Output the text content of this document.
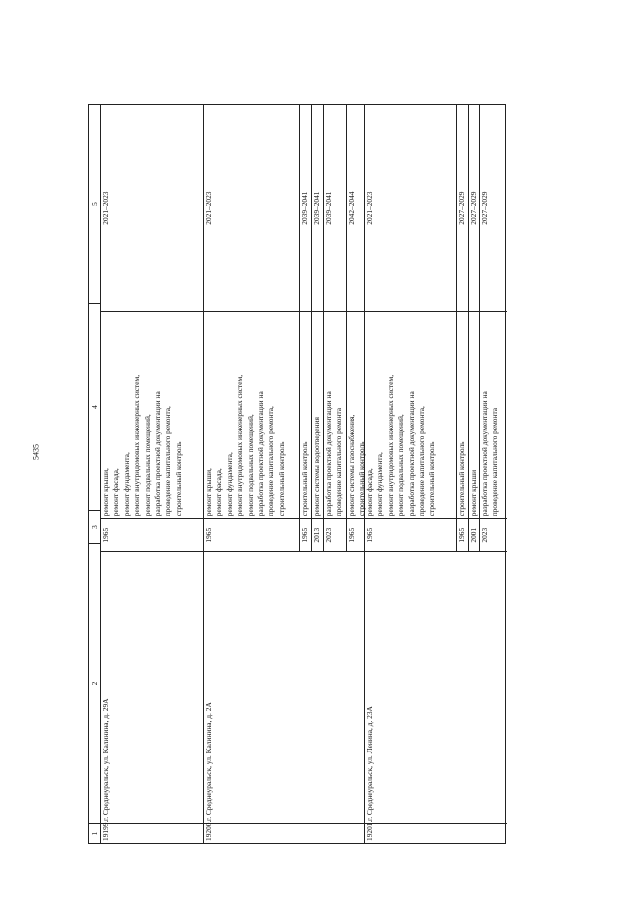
5435
1
2
3
4
5
19199.
г. Среднеуральск, ул. Калинина, д. 29А
1965
ремонт крыши, ремонт фасада, ремонт фундамента, ремонт внутридомовых инженерных систем, ремонт подвальных помещений, разработка проектной документации на проведение капитального ремонта, строительный контроль
2021–2023
19200.
г. Среднеуральск, ул. Калинина, д. 2А
1965
ремонт крыши, ремонт фасада, ремонт фундамента, ремонт внутридомовых инженерных систем, ремонт подвальных помещений, разработка проектной документации на проведение капитального ремонта, строительный контроль
2021–2023
1965
строительный контроль
2039–2041
2013
ремонт системы водоотведения
2039–2041
2023
разработка проектной документации на проведение капитального ремонта
2039–2041
1965
ремонт системы газоснабжения, строительный контроль
2042–2044
19201.
г. Среднеуральск, ул. Ленина, д. 23А
1965
ремонт фасада, ремонт фундамента, ремонт внутридомовых инженерных систем, ремонт подвальных помещений, разработка проектной документации на проведение капитального ремонта, строительный контроль
2021–2023
1965
строительный контроль
2027–2029
2001
ремонт крыши
2027–2029
2023
разработка проектной документации на проведение капитального ремонта
2027–2029
